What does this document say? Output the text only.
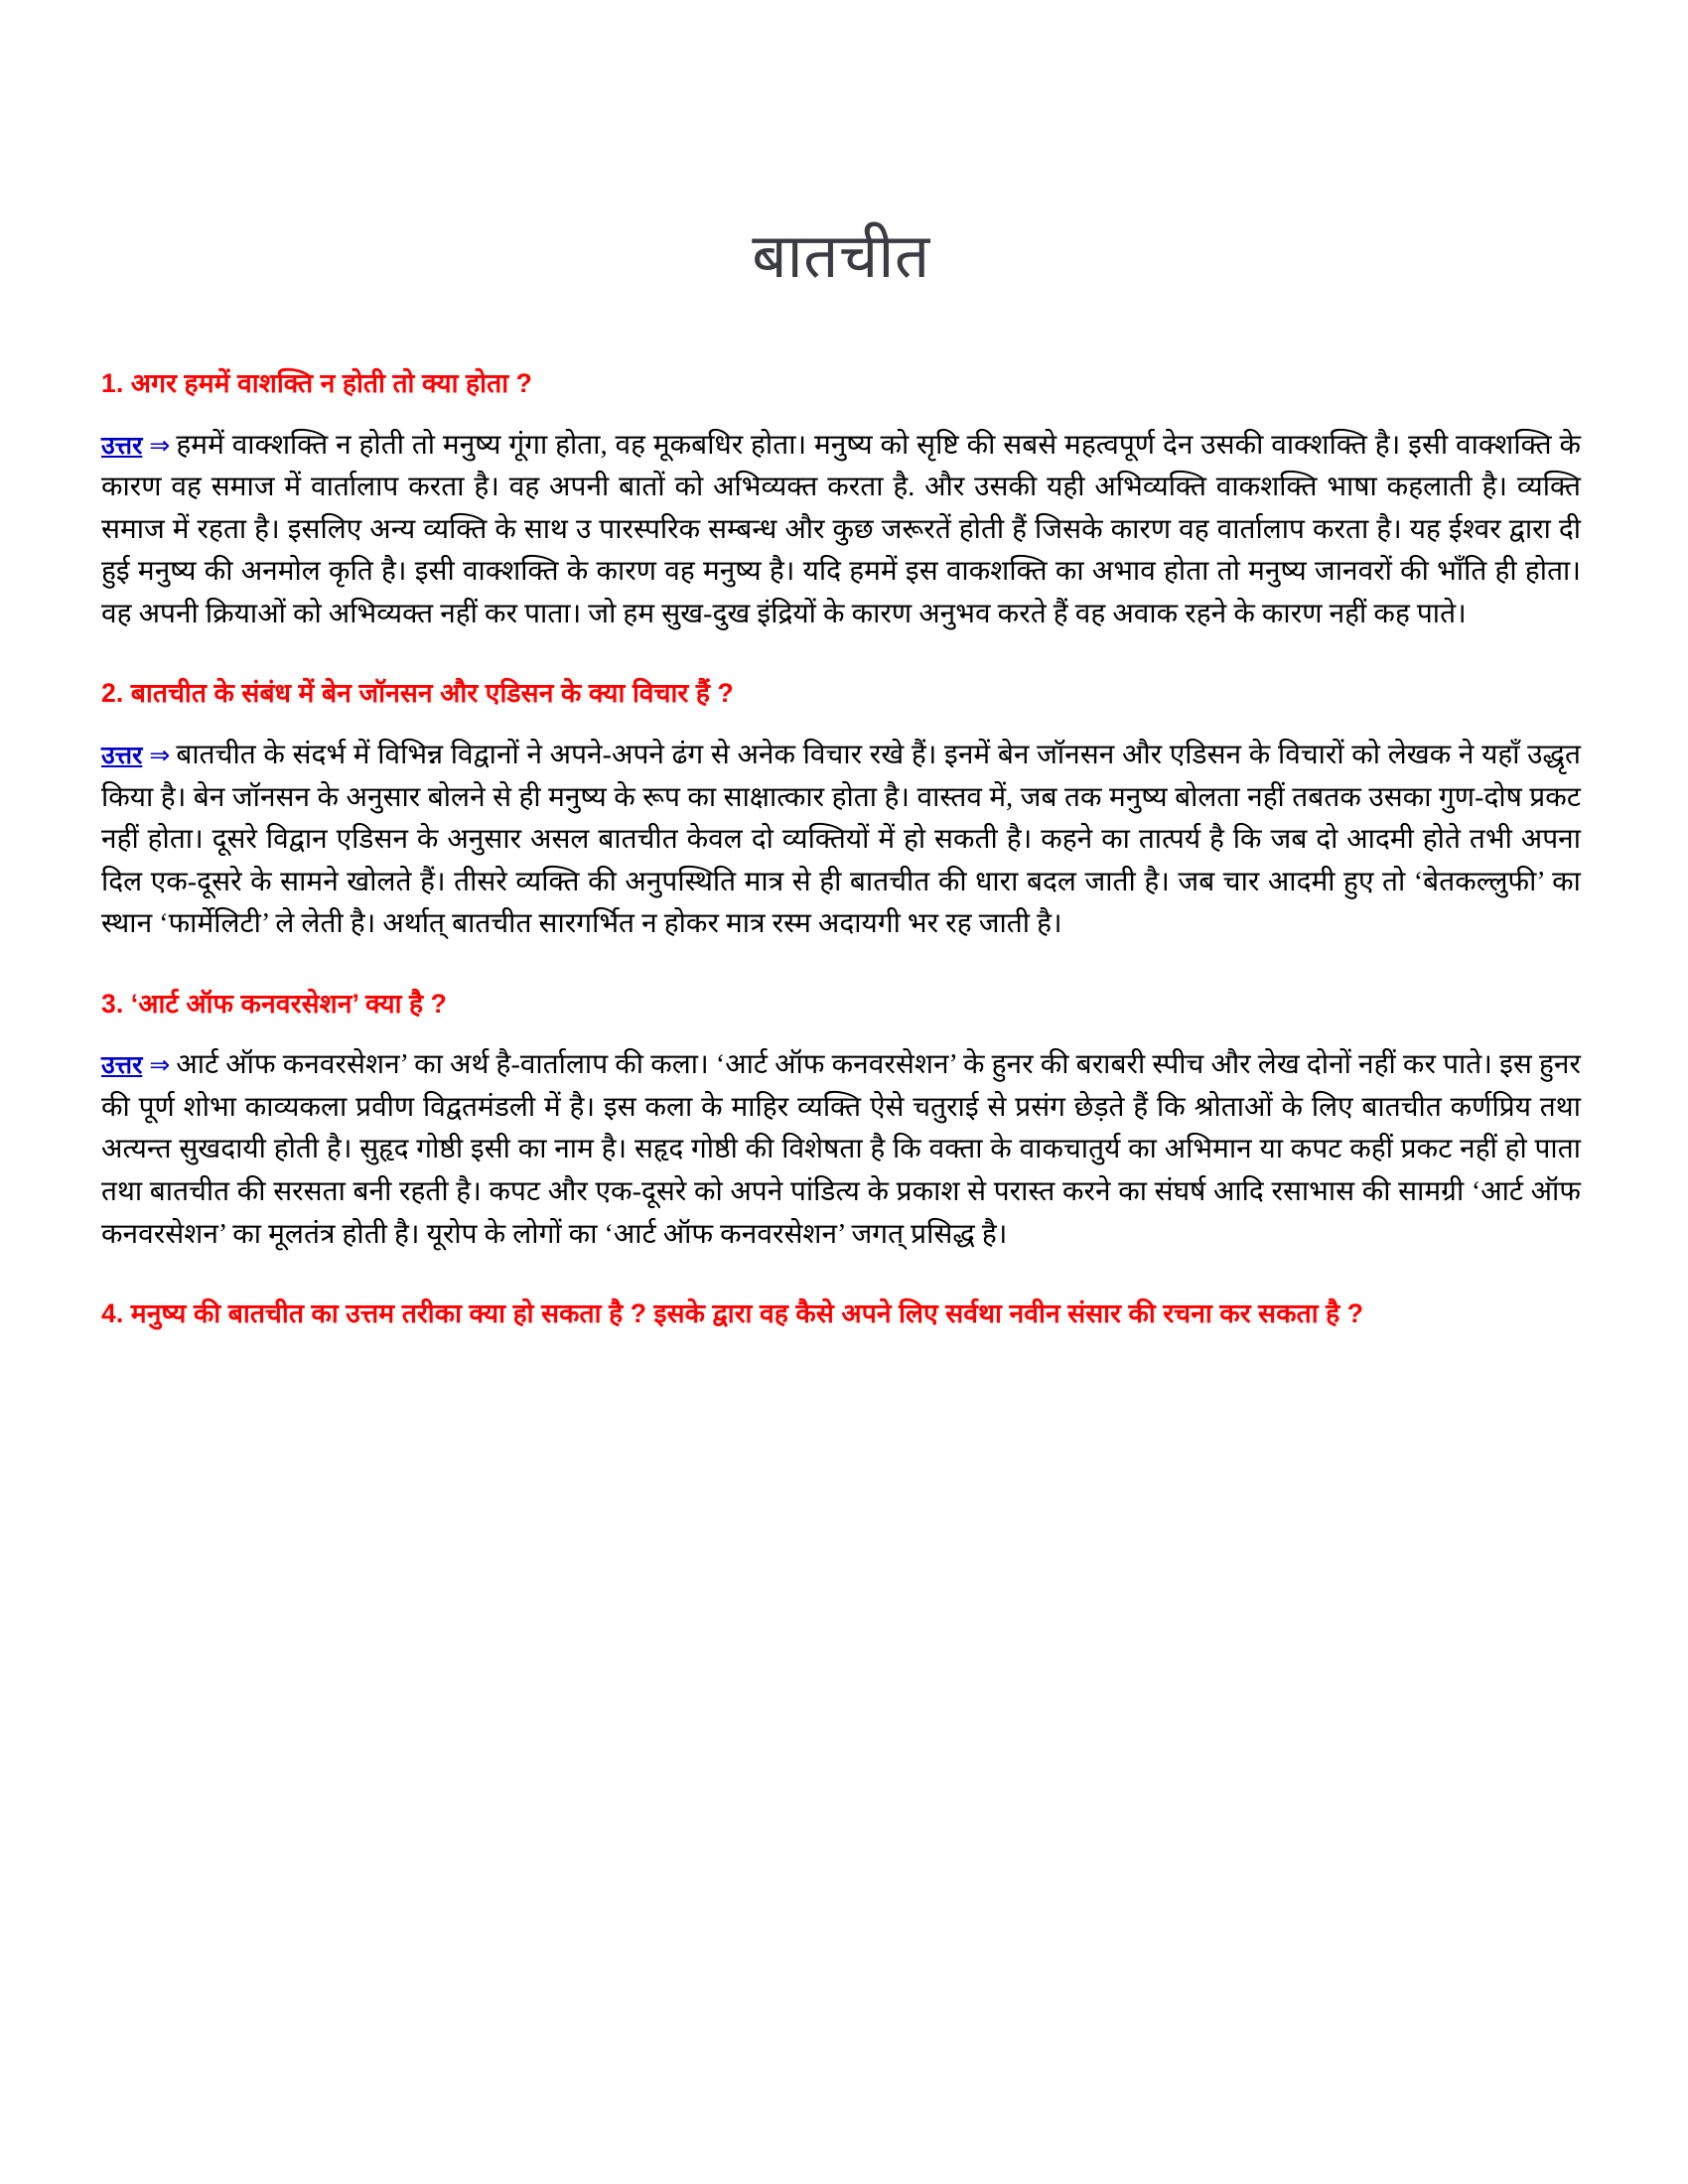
बातचीत

1. अगर हममें वाशक्ति न होती तो क्या होता ?

उत्तर ⇒ हममें वाक्शक्ति न होती तो मनुष्य गूंगा होता, वह मूकबधिर होता। मनुष्य को सृष्टि की सबसे महत्वपूर्ण देन उसकी वाक्शक्ति है। इसी वाक्शक्ति के कारण वह समाज में वार्तालाप करता है। वह अपनी बातों को अभिव्यक्त करता है. और उसकी यही अभिव्यक्ति वाकशक्ति भाषा कहलाती है। व्यक्ति समाज में रहता है। इसलिए अन्य व्यक्ति के साथ उ पारस्परिक सम्बन्ध और कुछ जरूरतें होती हैं जिसके कारण वह वार्तालाप करता है। यह ईश्वर द्वारा दी हुई मनुष्य की अनमोल कृति है। इसी वाक्शक्ति के कारण वह मनुष्य है। यदि हममें इस वाकशक्ति का अभाव होता तो मनुष्य जानवरों की भाँति ही होता। वह अपनी क्रियाओं को अभिव्यक्त नहीं कर पाता। जो हम सुख-दुख इंद्रियों के कारण अनुभव करते हैं वह अवाक रहने के कारण नहीं कह पाते।

2. बातचीत के संबंध में बेन जॉनसन और एडिसन के क्या विचार हैं ?

उत्तर ⇒ बातचीत के संदर्भ में विभिन्न विद्वानों ने अपने-अपने ढंग से अनेक विचार रखे हैं। इनमें बेन जॉनसन और एडिसन के विचारों को लेखक ने यहाँ उद्धृत किया है। बेन जॉनसन के अनुसार बोलने से ही मनुष्य के रूप का साक्षात्कार होता है। वास्तव में, जब तक मनुष्य बोलता नहीं तबतक उसका गुण-दोष प्रकट नहीं होता। दूसरे विद्वान एडिसन के अनुसार असल बातचीत केवल दो व्यक्तियों में हो सकती है। कहने का तात्पर्य है कि जब दो आदमी होते तभी अपना दिल एक-दूसरे के सामने खोलते हैं। तीसरे व्यक्ति की अनुपस्थिति मात्र से ही बातचीत की धारा बदल जाती है। जब चार आदमी हुए तो ‘बेतकल्लुफी’ का स्थान ‘फार्मेलिटी’ ले लेती है। अर्थात् बातचीत सारगर्भित न होकर मात्र रस्म अदायगी भर रह जाती है।

3. ‘आर्ट ऑफ कनवरसेशन’ क्या है ?

उत्तर ⇒ आर्ट ऑफ कनवरसेशन’ का अर्थ है-वार्तालाप की कला। ‘आर्ट ऑफ कनवरसेशन’ के हुनर की बराबरी स्पीच और लेख दोनों नहीं कर पाते। इस हुनर की पूर्ण शोभा काव्यकला प्रवीण विद्वतमंडली में है। इस कला के माहिर व्यक्ति ऐसे चतुराई से प्रसंग छेड़ते हैं कि श्रोताओं के लिए बातचीत कर्णप्रिय तथा अत्यन्त सुखदायी होती है। सुहृद गोष्ठी इसी का नाम है। सहृद गोष्ठी की विशेषता है कि वक्ता के वाकचातुर्य का अभिमान या कपट कहीं प्रकट नहीं हो पाता तथा बातचीत की सरसता बनी रहती है। कपट और एक-दूसरे को अपने पांडित्य के प्रकाश से परास्त करने का संघर्ष आदि रसाभास की सामग्री ‘आर्ट ऑफ कनवरसेशन’ का मूलतंत्र होती है। यूरोप के लोगों का ‘आर्ट ऑफ कनवरसेशन’ जगत् प्रसिद्ध है।

4. मनुष्य की बातचीत का उत्तम तरीका क्या हो सकता है ? इसके द्वारा वह कैसे अपने लिए सर्वथा नवीन संसार की रचना कर सकता है ?
